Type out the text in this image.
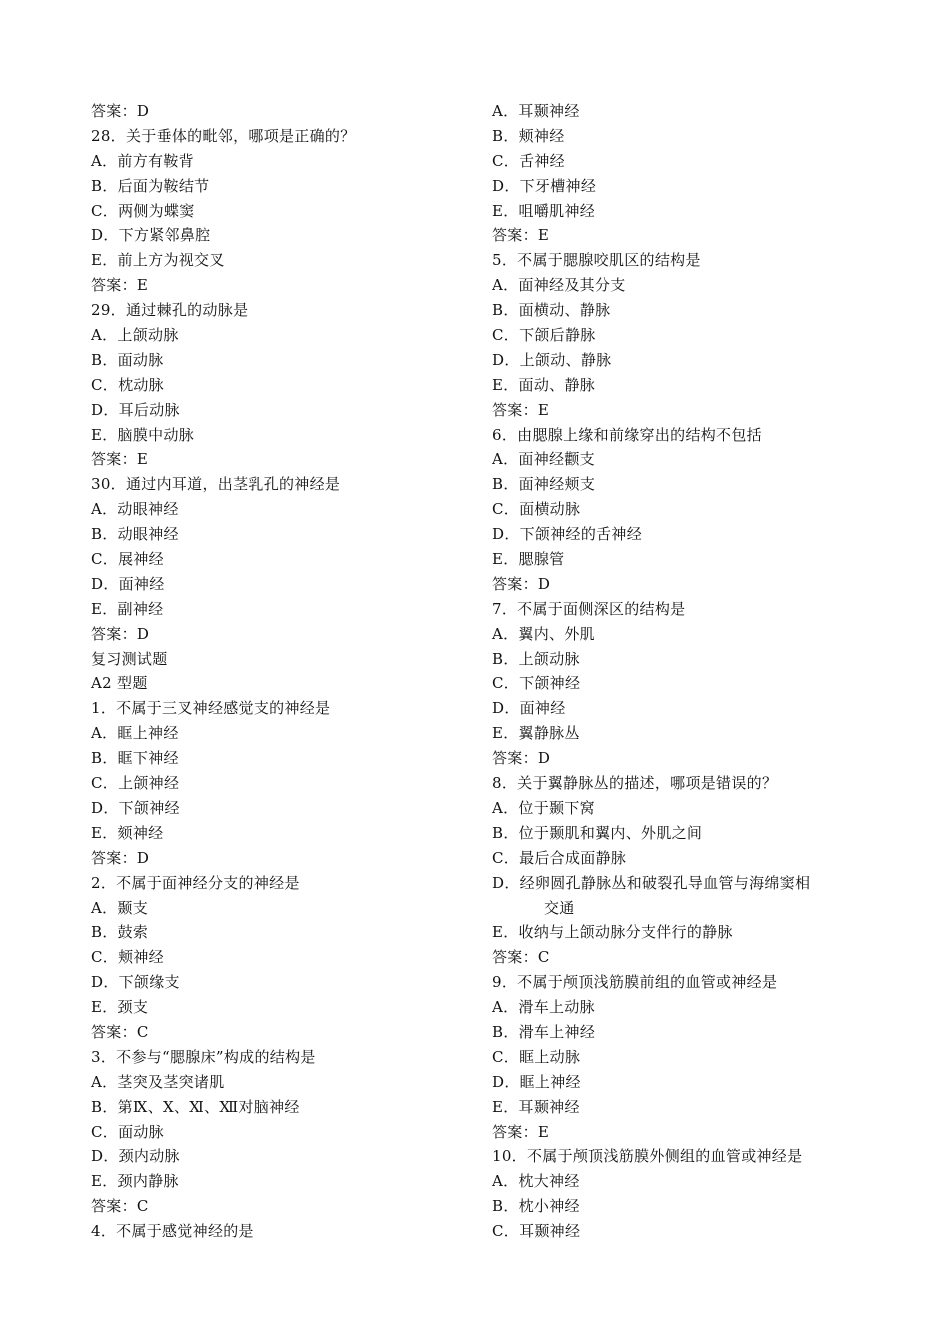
答案：D
28．关于垂体的毗邻，哪项是正确的？
A．前方有鞍背
B．后面为鞍结节
C．两侧为蝶窦
D．下方紧邻鼻腔
E．前上方为视交叉
答案：E
29．通过棘孔的动脉是
A．上颌动脉
B．面动脉
C．枕动脉
D．耳后动脉
E．脑膜中动脉
答案：E
30．通过内耳道，出茎乳孔的神经是
A．动眼神经
B．动眼神经
C．展神经
D．面神经
E．副神经
答案：D
复习测试题
A2 型题
1．不属于三叉神经感觉支的神经是
A．眶上神经
B．眶下神经
C．上颌神经
D．下颌神经
E．颏神经
答案：D
2．不属于面神经分支的神经是
A．颞支
B．鼓索
C．颊神经
D．下颌缘支
E．颈支
答案：C
3．不参与“腮腺床”构成的结构是
A．茎突及茎突诸肌
B．第Ⅸ、Ⅹ、Ⅺ、Ⅻ对脑神经
C．面动脉
D．颈内动脉
E．颈内静脉
答案：C
4．不属于感觉神经的是
A．耳颞神经
B．颊神经
C．舌神经
D．下牙槽神经
E．咀嚼肌神经
答案：E
5．不属于腮腺咬肌区的结构是
A．面神经及其分支
B．面横动、静脉
C．下颌后静脉
D．上颌动、静脉
E．面动、静脉
答案：E
6．由腮腺上缘和前缘穿出的结构不包括
A．面神经颧支
B．面神经颊支
C．面横动脉
D．下颌神经的舌神经
E．腮腺管
答案：D
7．不属于面侧深区的结构是
A．翼内、外肌
B．上颌动脉
C．下颌神经
D．面神经
E．翼静脉丛
答案：D
8．关于翼静脉丛的描述，哪项是错误的？
A．位于颞下窝
B．位于颞肌和翼内、外肌之间
C．最后合成面静脉
D．经卵圆孔静脉丛和破裂孔导血管与海绵窦相
交通
E．收纳与上颌动脉分支伴行的静脉
答案：C
9．不属于颅顶浅筋膜前组的血管或神经是
A．滑车上动脉
B．滑车上神经
C．眶上动脉
D．眶上神经
E．耳颞神经
答案：E
10．不属于颅顶浅筋膜外侧组的血管或神经是
A．枕大神经
B．枕小神经
C．耳颞神经
